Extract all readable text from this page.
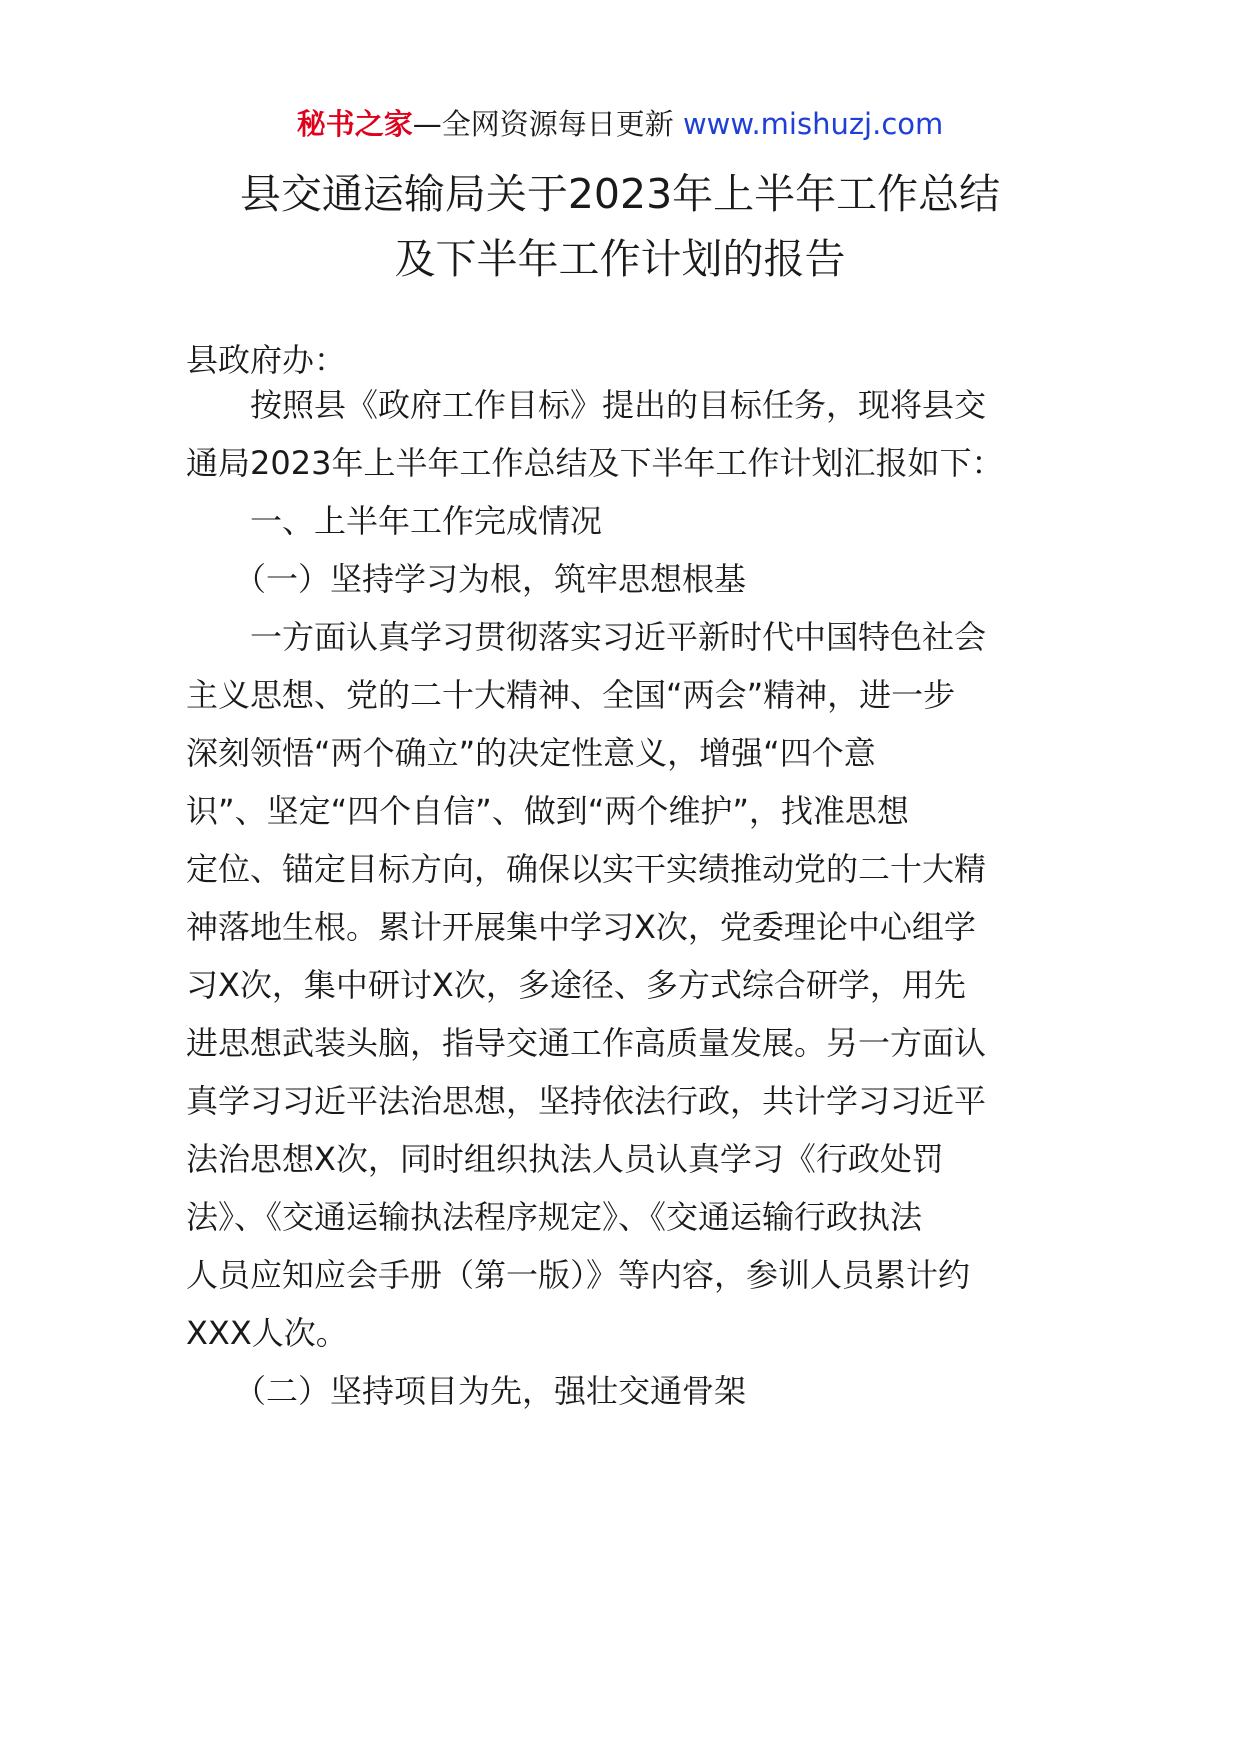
秘书之家—全网资源每日更新 www.mishuzj.com
县交通运输局关于2023年上半年工作总结
及下半年工作计划的报告
县政府办：
　　按照县《政府工作目标》提出的目标任务，现将县交
通局2023年上半年工作总结及下半年工作计划汇报如下：
　　一、上半年工作完成情况
　　（一）坚持学习为根，筑牢思想根基
　　一方面认真学习贯彻落实习近平新时代中国特色社会
主义思想、党的二十大精神、全国“两会”精神，进一步
深刻领悟“两个确立”的决定性意义，增强“四个意
识”、坚定“四个自信”、做到“两个维护”，找准思想
定位、锚定目标方向，确保以实干实绩推动党的二十大精
神落地生根。累计开展集中学习X次，党委理论中心组学
习X次，集中研讨X次，多途径、多方式综合研学，用先
进思想武装头脑，指导交通工作高质量发展。另一方面认
真学习习近平法治思想，坚持依法行政，共计学习习近平
法治思想X次，同时组织执法人员认真学习《行政处罚
法》、《交通运输执法程序规定》、《交通运输行政执法
人员应知应会手册（第一版）》等内容，参训人员累计约
XXX人次。
　　（二）坚持项目为先，强壮交通骨架
